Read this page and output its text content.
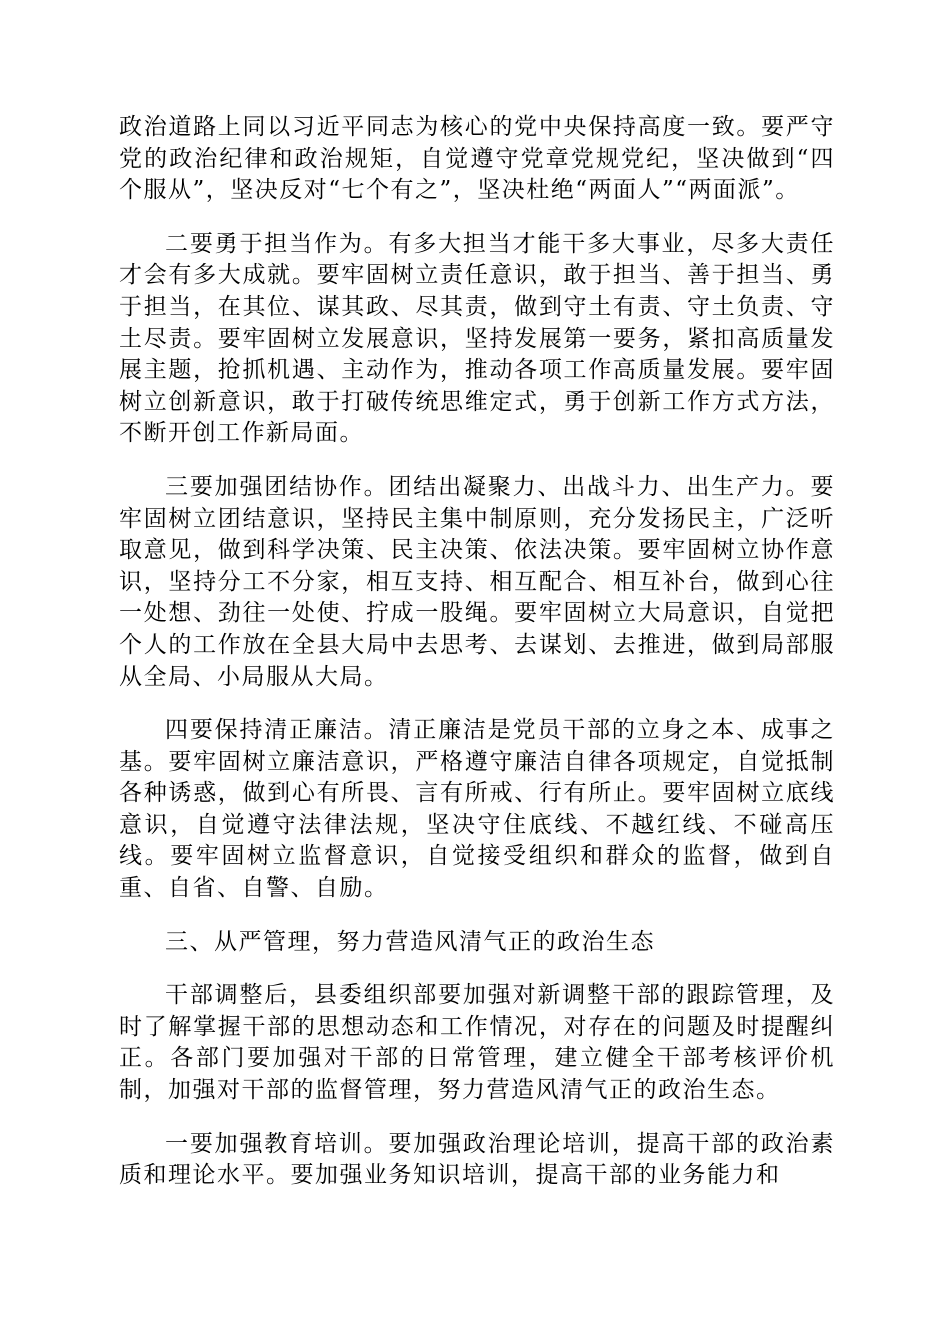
政治道路上同以习近平同志为核心的党中央保持高度一致。要严守党的政治纪律和政治规矩，自觉遵守党章党规党纪，坚决做到“四个服从”，坚决反对“七个有之”，坚决杜绝“两面人”“两面派”。

二要勇于担当作为。有多大担当才能干多大事业，尽多大责任才会有多大成就。要牢固树立责任意识，敢于担当、善于担当、勇于担当，在其位、谋其政、尽其责，做到守土有责、守土负责、守土尽责。要牢固树立发展意识，坚持发展第一要务，紧扣高质量发展主题，抢抓机遇、主动作为，推动各项工作高质量发展。要牢固树立创新意识，敢于打破传统思维定式，勇于创新工作方式方法，不断开创工作新局面。

三要加强团结协作。团结出凝聚力、出战斗力、出生产力。要牢固树立团结意识，坚持民主集中制原则，充分发扬民主，广泛听取意见，做到科学决策、民主决策、依法决策。要牢固树立协作意识，坚持分工不分家，相互支持、相互配合、相互补台，做到心往一处想、劲往一处使、拧成一股绳。要牢固树立大局意识，自觉把个人的工作放在全县大局中去思考、去谋划、去推进，做到局部服从全局、小局服从大局。

四要保持清正廉洁。清正廉洁是党员干部的立身之本、成事之基。要牢固树立廉洁意识，严格遵守廉洁自律各项规定，自觉抵制各种诱惑，做到心有所畏、言有所戒、行有所止。要牢固树立底线意识，自觉遵守法律法规，坚决守住底线、不越红线、不碰高压线。要牢固树立监督意识，自觉接受组织和群众的监督，做到自重、自省、自警、自励。

三、从严管理，努力营造风清气正的政治生态

干部调整后，县委组织部要加强对新调整干部的跟踪管理，及时了解掌握干部的思想动态和工作情况，对存在的问题及时提醒纠正。各部门要加强对干部的日常管理，建立健全干部考核评价机制，加强对干部的监督管理，努力营造风清气正的政治生态。

一要加强教育培训。要加强政治理论培训，提高干部的政治素质和理论水平。要加强业务知识培训，提高干部的业务能力和
